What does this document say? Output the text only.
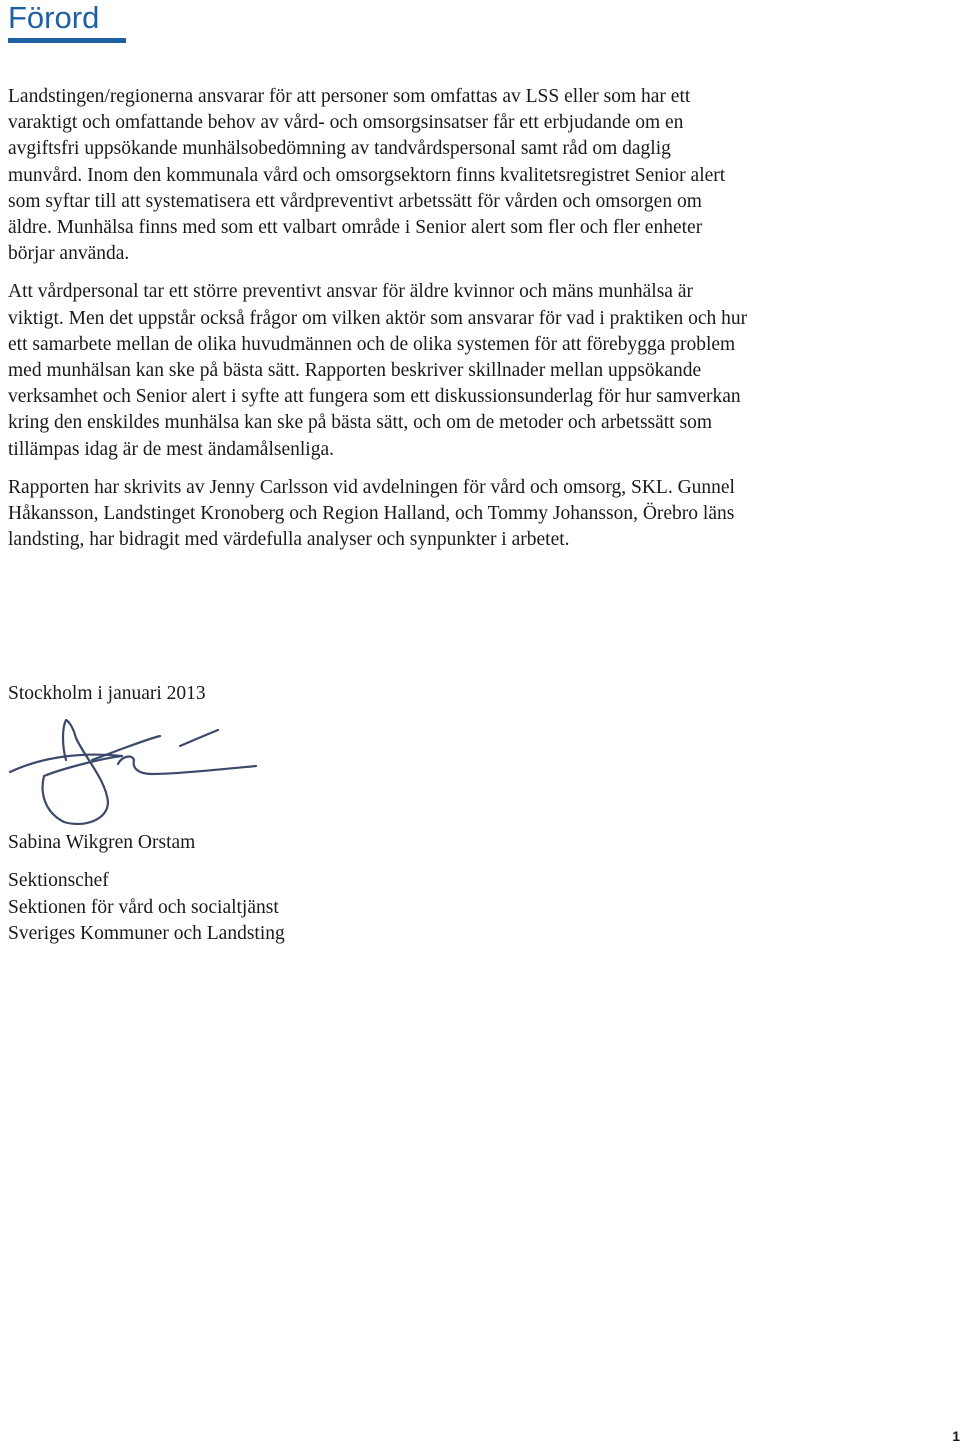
Förord

Landstingen/regionerna ansvarar för att personer som omfattas av LSS eller som har ett varaktigt och omfattande behov av vård- och omsorgsinsatser får ett erbjudande om en avgiftsfri uppsökande munhälsobedömning av tandvårdspersonal samt råd om daglig munvård. Inom den kommunala vård och omsorgsektorn finns kvalitetsregistret Senior alert som syftar till att systematisera ett vårdpreventivt arbetssätt för vården och omsorgen om äldre. Munhälsa finns med som ett valbart område i Senior alert som fler och fler enheter börjar använda.

Att vårdpersonal tar ett större preventivt ansvar för äldre kvinnor och mäns munhälsa är viktigt. Men det uppstår också frågor om vilken aktör som ansvarar för vad i praktiken och hur ett samarbete mellan de olika huvudmännen och de olika systemen för att förebygga problem med munhälsan kan ske på bästa sätt. Rapporten beskriver skillnader mellan uppsökande verksamhet och Senior alert i syfte att fungera som ett diskussionsunderlag för hur samverkan kring den enskildes munhälsa kan ske på bästa sätt, och om de metoder och arbetssätt som tillämpas idag är de mest ändamålsenliga.

Rapporten har skrivits av Jenny Carlsson vid avdelningen för vård och omsorg, SKL. Gunnel Håkansson, Landstinget Kronoberg och Region Halland, och Tommy Johansson, Örebro läns landsting, har bidragit med värdefulla analyser och synpunkter i arbetet.

Stockholm i januari 2013

Sabina Wikgren Orstam

Sektionschef
Sektionen för vård och socialtjänst
Sveriges Kommuner och Landsting
1
